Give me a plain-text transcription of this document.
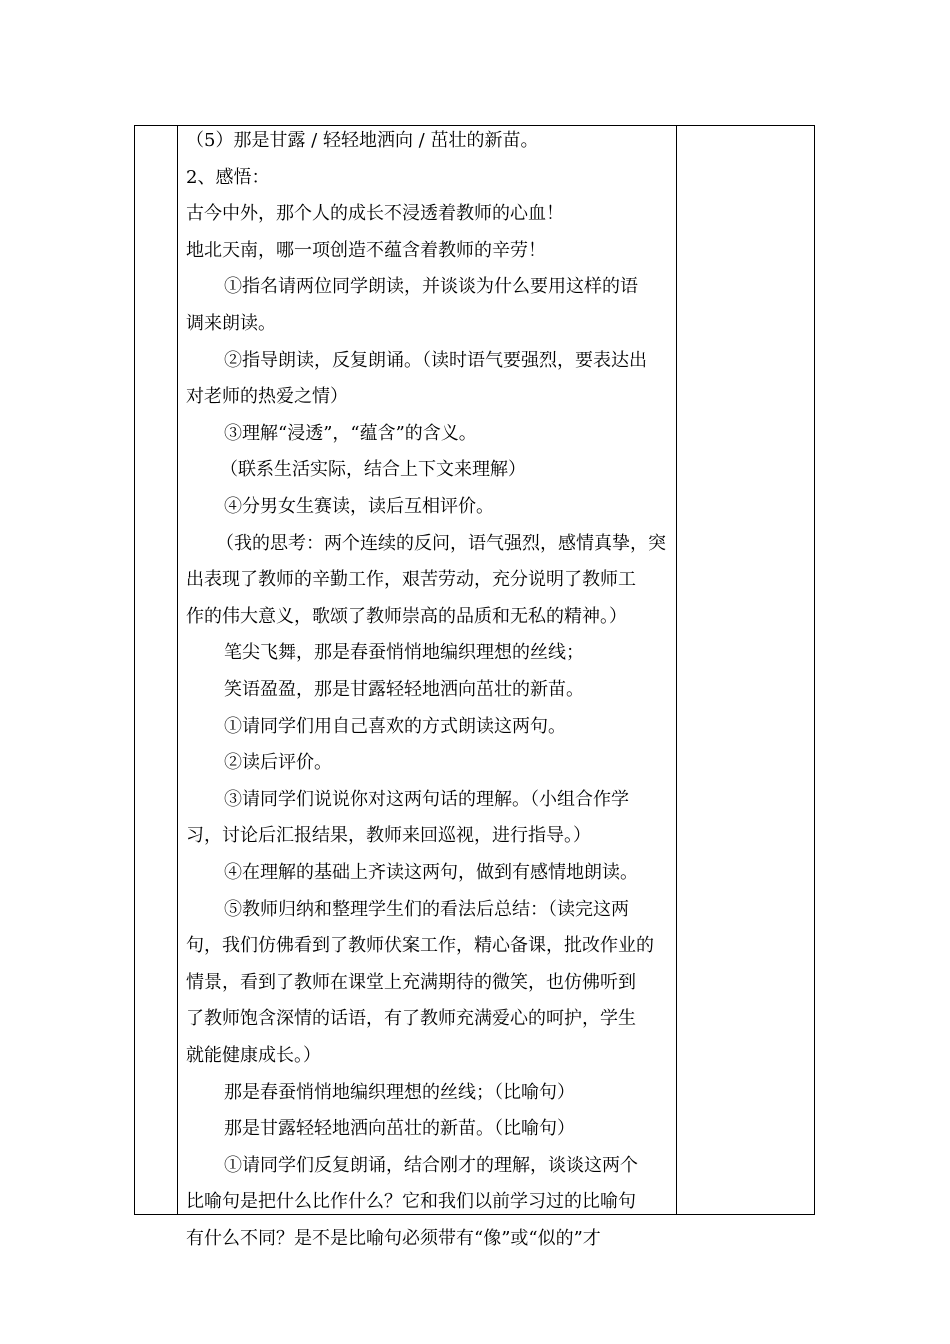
（5）那是甘露 / 轻轻地洒向 / 茁壮的新苗。
2、感悟：
古今中外，那个人的成长不浸透着教师的心血！
地北天南，哪一项创造不蕴含着教师的辛劳！
①指名请两位同学朗读，并谈谈为什么要用这样的语
调来朗读。
②指导朗读，反复朗诵。（读时语气要强烈，要表达出
对老师的热爱之情）
③理解“浸透”，“蕴含”的含义。
（联系生活实际，结合上下文来理解）
④分男女生赛读，读后互相评价。
（我的思考：两个连续的反问，语气强烈，感情真挚，突
出表现了教师的辛勤工作，艰苦劳动，充分说明了教师工
作的伟大意义，歌颂了教师崇高的品质和无私的精神。）
笔尖飞舞，那是春蚕悄悄地编织理想的丝线；
笑语盈盈，那是甘露轻轻地洒向茁壮的新苗。
①请同学们用自己喜欢的方式朗读这两句。
②读后评价。
③请同学们说说你对这两句话的理解。（小组合作学
习，讨论后汇报结果，教师来回巡视，进行指导。）
④在理解的基础上齐读这两句，做到有感情地朗读。
⑤教师归纳和整理学生们的看法后总结：（读完这两
句，我们仿佛看到了教师伏案工作，精心备课，批改作业的
情景，看到了教师在课堂上充满期待的微笑，也仿佛听到
了教师饱含深情的话语，有了教师充满爱心的呵护，学生
就能健康成长。）
那是春蚕悄悄地编织理想的丝线；（比喻句）
那是甘露轻轻地洒向茁壮的新苗。（比喻句）
①请同学们反复朗诵，结合刚才的理解，谈谈这两个
比喻句是把什么比作什么？它和我们以前学习过的比喻句
有什么不同？是不是比喻句必须带有“像”或“似的”才
